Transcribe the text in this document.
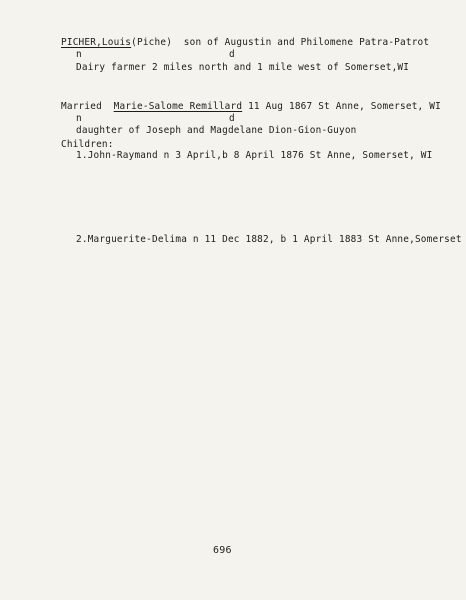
PICHER,Louis(Piche) son of Augustin and Philomene Patra-Patrot
n	d
Dairy farmer 2 miles north and 1 mile west of Somerset,WI
Married Marie-Salome Remillard 11 Aug 1867 St Anne, Somerset, WI
n	d
daughter of Joseph and Magdelane Dion-Gion-Guyon
Children:
1.John-Raymand n 3 April,b 8 April 1876 St Anne, Somerset, WI
2.Marguerite-Delima n 11 Dec 1882, b 1 April 1883 St Anne,Somerset
696
